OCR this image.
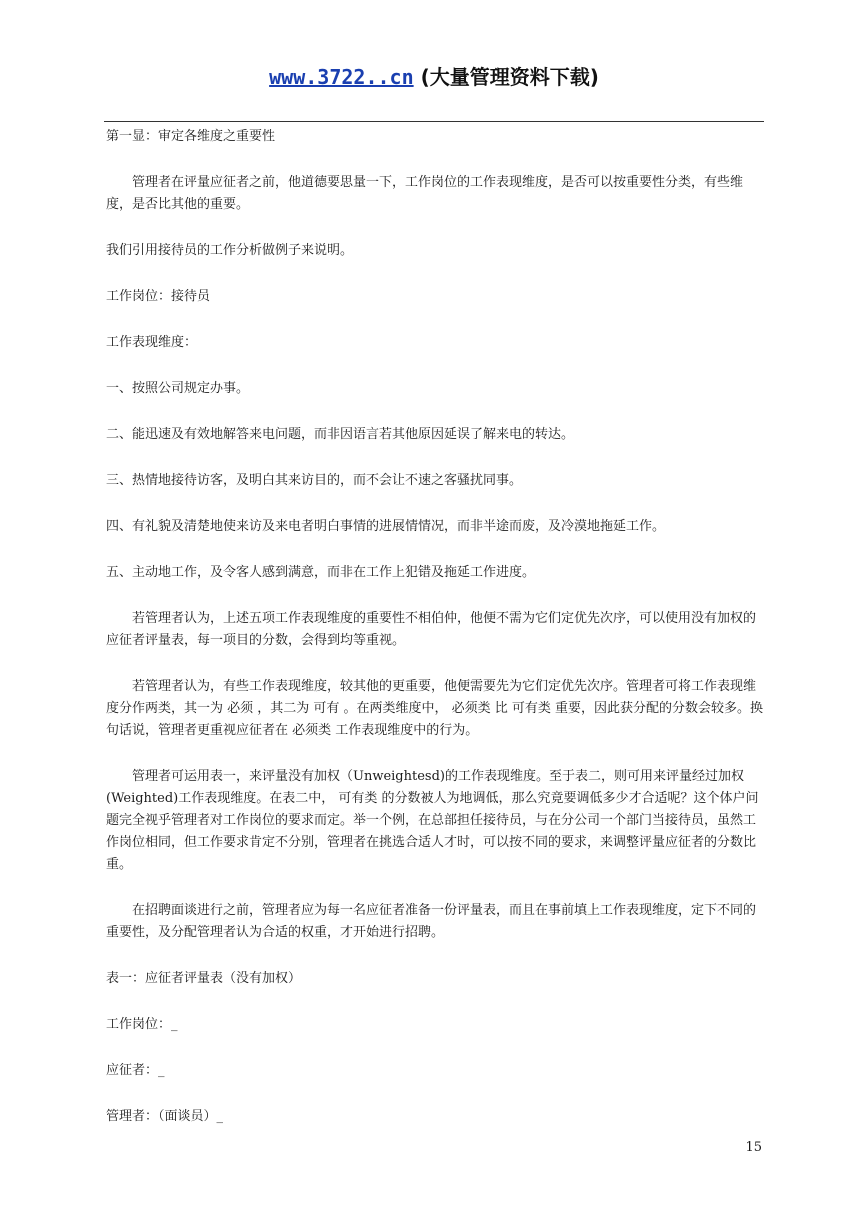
www.3722..cn (大量管理资料下载)

第一显：审定各维度之重要性

管理者在评量应征者之前，他道德要思量一下，工作岗位的工作表现维度，是否可以按重要性分类，有些维度，是否比其他的重要。

我们引用接待员的工作分析做例子来说明。

工作岗位：接待员

工作表现维度：

一、按照公司规定办事。

二、能迅速及有效地解答来电问题，而非因语言若其他原因延误了解来电的转达。

三、热情地接待访客，及明白其来访目的，而不会让不速之客骚扰同事。

四、有礼貌及清楚地使来访及来电者明白事情的进展情情况，而非半途而废，及冷漠地拖延工作。

五、主动地工作，及令客人感到满意，而非在工作上犯错及拖延工作进度。

若管理者认为，上述五项工作表现维度的重要性不相伯仲，他便不需为它们定优先次序，可以使用没有加权的应征者评量表，每一项目的分数，会得到均等重视。

若管理者认为，有些工作表现维度，较其他的更重要，他便需要先为它们定优先次序。管理者可将工作表现维度分作两类，其一为 必须 ，其二为 可有 。在两类维度中， 必须类 比 可有类 重要，因此获分配的分数会较多。换句话说，管理者更重视应征者在 必须类 工作表现维度中的行为。

管理者可运用表一，来评量没有加权（Unweightesd)的工作表现维度。至于表二，则可用来评量经过加权(Weighted)工作表现维度。在表二中， 可有类 的分数被人为地调低，那么究竟要调低多少才合适呢？这个体户问题完全视乎管理者对工作岗位的要求而定。举一个例，在总部担任接待员，与在分公司一个部门当接待员，虽然工作岗位相同，但工作要求肯定不分别，管理者在挑选合适人才时，可以按不同的要求，来调整评量应征者的分数比重。

在招聘面谈进行之前，管理者应为每一名应征者准备一份评量表，而且在事前填上工作表现维度，定下不同的重要性，及分配管理者认为合适的权重，才开始进行招聘。

表一：应征者评量表（没有加权）

工作岗位：_

应征者：_

管理者：（面谈员）_

15
